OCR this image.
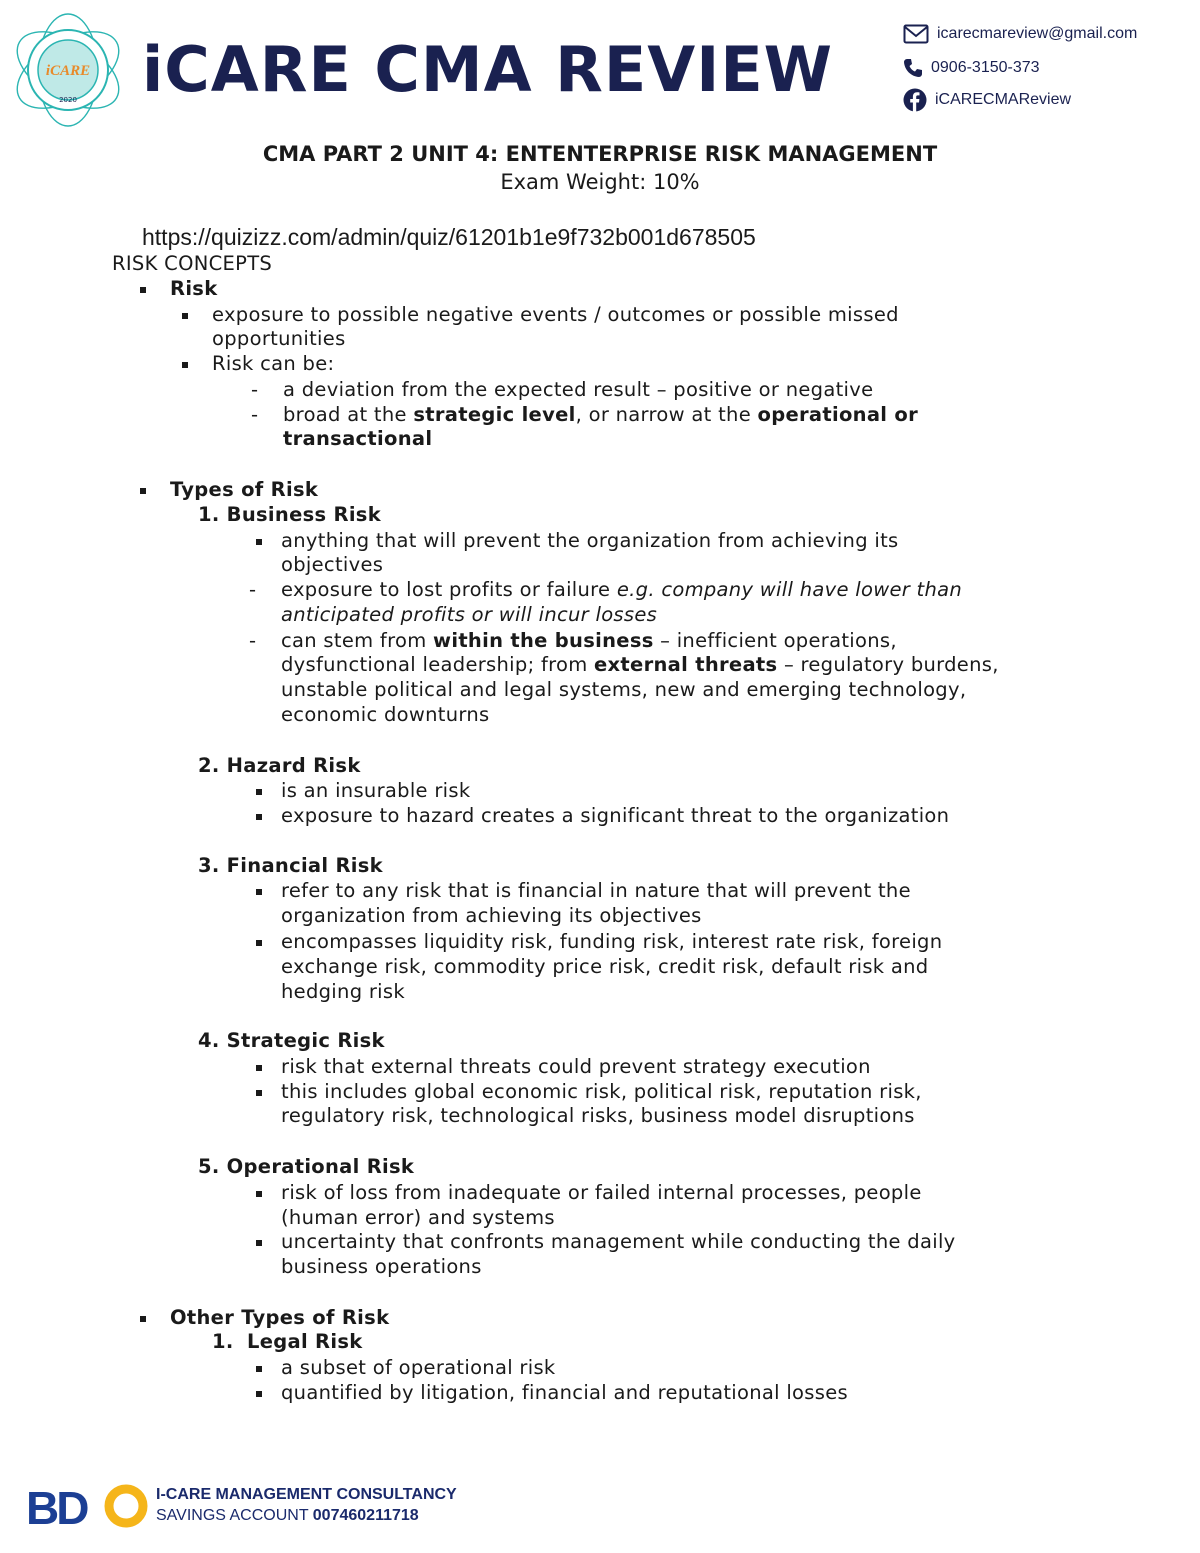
iCARE
2020 iCARE CMA REVIEW	icarecmareview@gmail.com
0906-3150-373
iCARECMAReview
CMA PART 2 UNIT 4: ENTENTERPRISE RISK MANAGEMENT
Exam Weight: 10%
https://quizizz.com/admin/quiz/61201b1e9f732b001d678505
RISK CONCEPTS
Risk
exposure to possible negative events / outcomes or possible missed
opportunities
Risk can be:
- a deviation from the expected result – positive or negative
- broad at the strategic level, or narrow at the operational or
transactional
Types of Risk
1. Business Risk
anything that will prevent the organization from achieving its
objectives
- exposure to lost profits or failure e.g. company will have lower than
anticipated profits or will incur losses
- can stem from within the business – inefficient operations,
dysfunctional leadership; from external threats – regulatory burdens,
unstable political and legal systems, new and emerging technology,
economic downturns
2. Hazard Risk
is an insurable risk
exposure to hazard creates a significant threat to the organization
3. Financial Risk
refer to any risk that is financial in nature that will prevent the
organization from achieving its objectives
encompasses liquidity risk, funding risk, interest rate risk, foreign
exchange risk, commodity price risk, credit risk, default risk and
hedging risk
4. Strategic Risk
risk that external threats could prevent strategy execution
this includes global economic risk, political risk, reputation risk,
regulatory risk, technological risks, business model disruptions
5. Operational Risk
risk of loss from inadequate or failed internal processes, people
(human error) and systems
uncertainty that confronts management while conducting the daily
business operations
Other Types of Risk
1. Legal Risk
a subset of operational risk
quantified by litigation, financial and reputational losses
BD	I-CARE MANAGEMENT CONSULTANCY
SAVINGS ACCOUNT 007460211718
